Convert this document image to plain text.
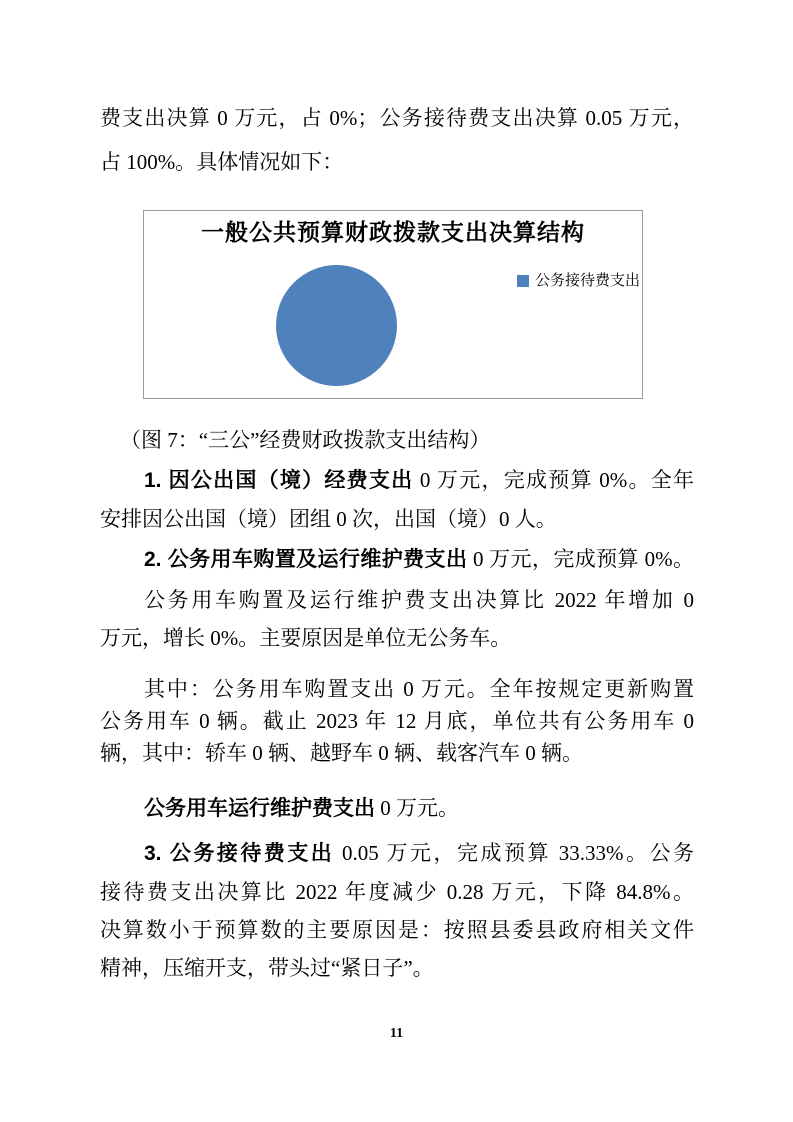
费支出决算 0 万元，占 0%；公务接待费支出决算 0.05 万元，
占 100%。具体情况如下：
一般公共预算财政拨款支出决算结构
公务接待费支出
（图 7：“三公”经费财政拨款支出结构）
1. 因公出国（境）经费支出 0 万元，完成预算 0%。全年
安排因公出国（境）团组 0 次，出国（境）0 人。
2. 公务用车购置及运行维护费支出 0 万元，完成预算 0%。
公务用车购置及运行维护费支出决算比 2022 年增加 0
万元，增长 0%。主要原因是单位无公务车。
其中：公务用车购置支出 0 万元。全年按规定更新购置
公务用车 0 辆。截止 2023 年 12 月底，单位共有公务用车 0
辆，其中：轿车 0 辆、越野车 0 辆、载客汽车 0 辆。
公务用车运行维护费支出 0 万元。
3. 公务接待费支出 0.05 万元，完成预算 33.33%。公务
接待费支出决算比 2022 年度减少 0.28 万元，下降 84.8%。
决算数小于预算数的主要原因是：按照县委县政府相关文件
精神，压缩开支，带头过“紧日子”。
11
